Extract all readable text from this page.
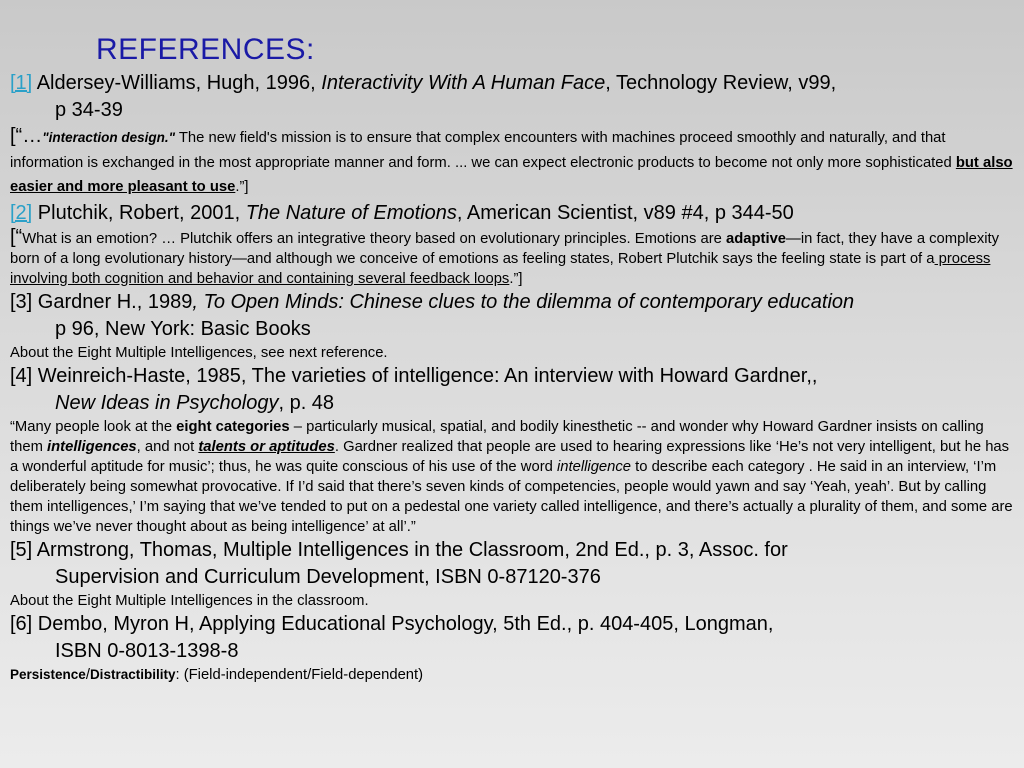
REFERENCES:
[1] Aldersey-Williams, Hugh, 1996, Interactivity With A Human Face, Technology Review, v99,
p 34-39
[“…"interaction design." The new field's mission is to ensure that complex encounters with machines proceed smoothly and naturally, and that information is exchanged in the most appropriate manner and form. ... we can expect electronic products to become not only more sophisticated but also easier and more pleasant to use.”]
[2] Plutchik, Robert, 2001, The Nature of Emotions, American Scientist, v89 #4, p 344-50
[“What is an emotion? … Plutchik offers an integrative theory based on evolutionary principles. Emotions are adaptive—in fact, they have a complexity born of a long evolutionary history—and although we conceive of emotions as feeling states, Robert Plutchik says the feeling state is part of a process involving both cognition and behavior and containing several feedback loops.”]
[3] Gardner H., 1989, To Open Minds: Chinese clues to the dilemma of contemporary education
p 96, New York: Basic Books
About the Eight Multiple Intelligences, see next reference.
[4] Weinreich-Haste, 1985, The varieties of intelligence: An interview with Howard Gardner,,
New Ideas in Psychology, p. 48
“Many people look at the eight categories – particularly musical, spatial, and bodily kinesthetic -- and wonder why Howard Gardner insists on calling them intelligences, and not talents or aptitudes. Gardner realized that people are used to hearing expressions like ‘He’s not very intelligent, but he has a wonderful aptitude for music’; thus, he was quite conscious of his use of the word intelligence to describe each category . He said in an interview, ‘I’m deliberately being somewhat provocative. If I’d said that there’s seven kinds of competencies, people would yawn and say ‘Yeah, yeah’. But by calling them intelligences,’ I’m saying that we’ve tended to put on a pedestal one variety called intelligence, and there’s actually a plurality of them, and some are things we’ve never thought about as being intelligence’ at all’.”
[5] Armstrong, Thomas, Multiple Intelligences in the Classroom, 2nd Ed., p. 3, Assoc. for
Supervision and Curriculum Development, ISBN 0-87120-376
About the Eight Multiple Intelligences in the classroom.
[6] Dembo, Myron H, Applying Educational Psychology, 5th Ed., p. 404-405, Longman,
ISBN 0-8013-1398-8
Persistence/Distractibility: (Field-independent/Field-dependent)
